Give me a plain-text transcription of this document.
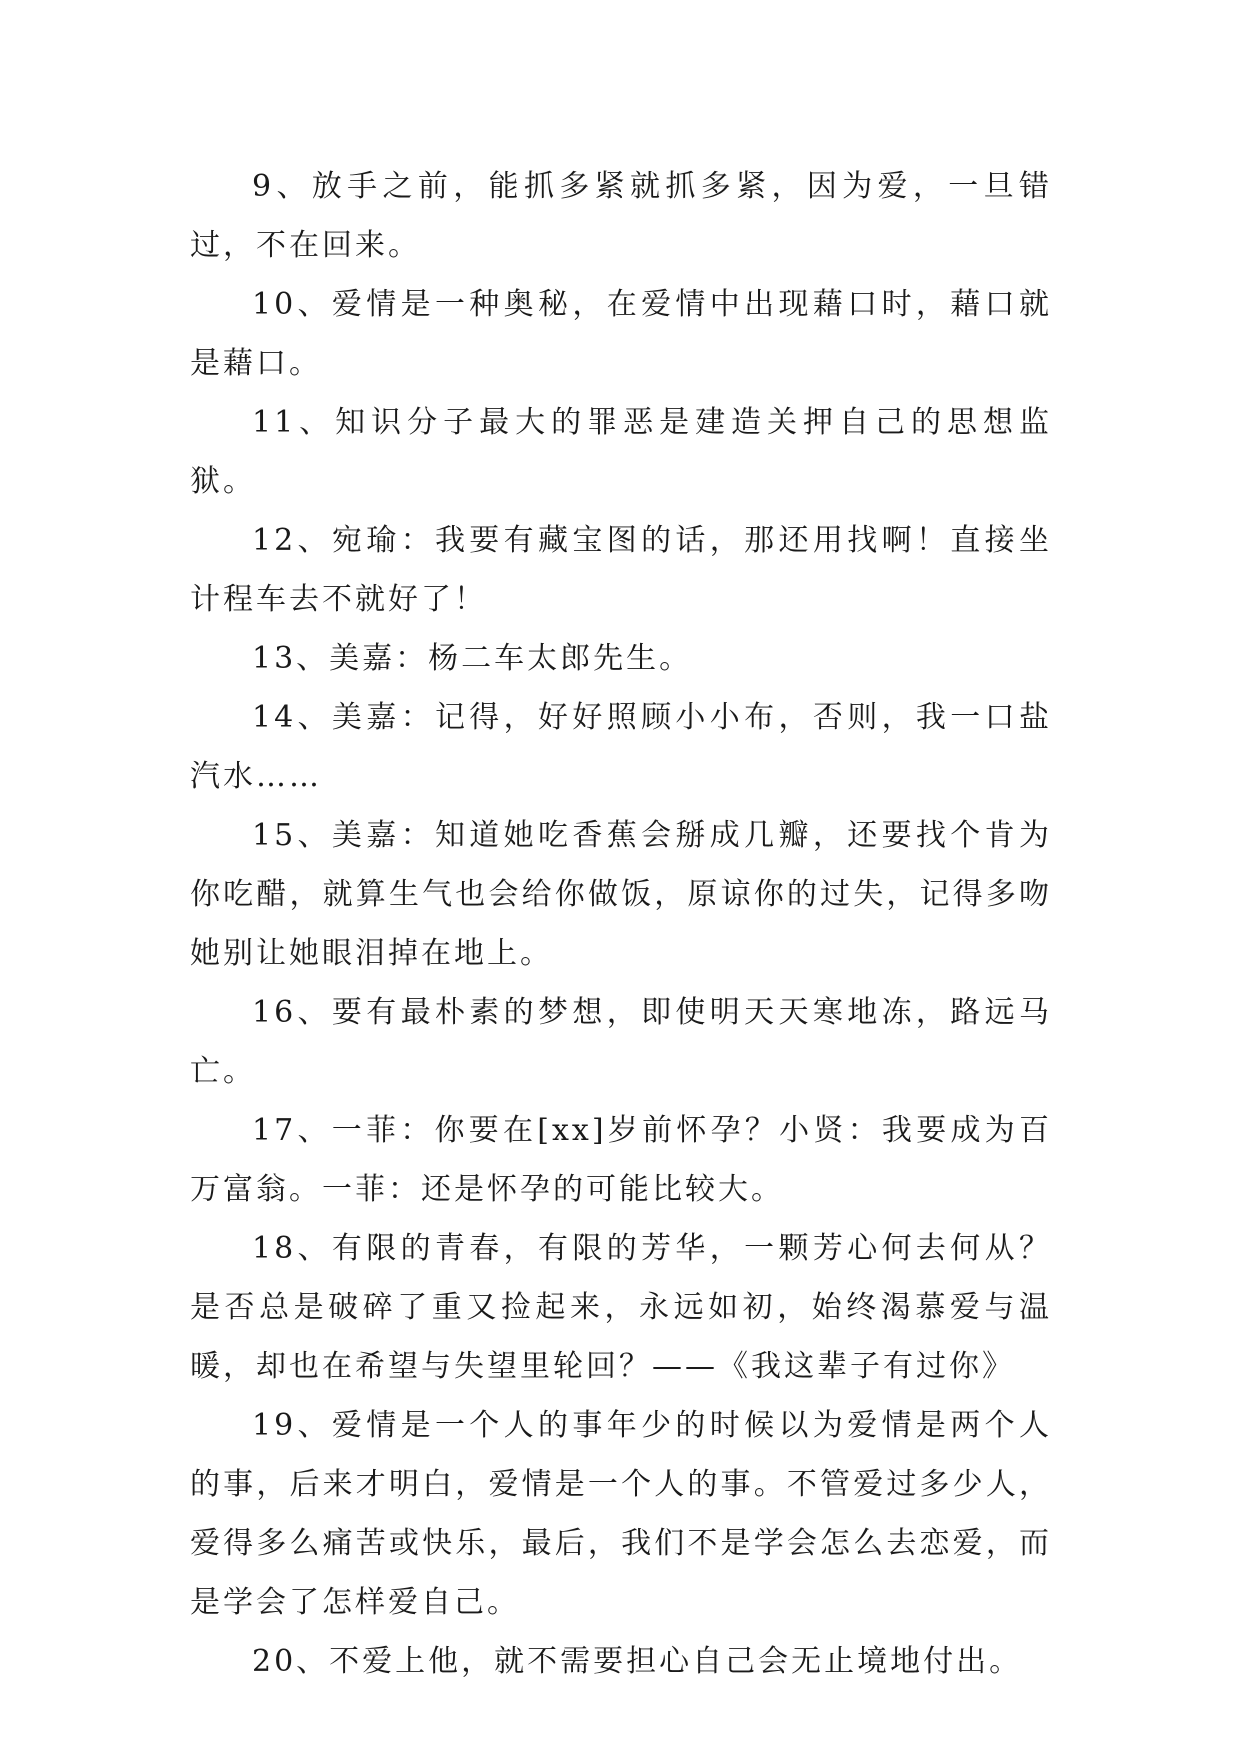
9、放手之前，能抓多紧就抓多紧，因为爱，一旦错过，不在回来。

10、爱情是一种奥秘，在爱情中出现藉口时，藉口就是藉口。

11、知识分子最大的罪恶是建造关押自己的思想监狱。

12、宛瑜：我要有藏宝图的话，那还用找啊！直接坐计程车去不就好了！

13、美嘉：杨二车太郎先生。

14、美嘉：记得，好好照顾小小布，否则，我一口盐汽水……

15、美嘉：知道她吃香蕉会掰成几瓣，还要找个肯为你吃醋，就算生气也会给你做饭，原谅你的过失，记得多吻她别让她眼泪掉在地上。

16、要有最朴素的梦想，即使明天天寒地冻，路远马亡。

17、一菲：你要在[xx]岁前怀孕？小贤：我要成为百万富翁。一菲：还是怀孕的可能比较大。

18、有限的青春，有限的芳华，一颗芳心何去何从？是否总是破碎了重又捡起来，永远如初，始终渴慕爱与温暖，却也在希望与失望里轮回？——《我这辈子有过你》

19、爱情是一个人的事年少的时候以为爱情是两个人的事，后来才明白，爱情是一个人的事。不管爱过多少人，爱得多么痛苦或快乐，最后，我们不是学会怎么去恋爱，而是学会了怎样爱自己。

20、不爱上他，就不需要担心自己会无止境地付出。
